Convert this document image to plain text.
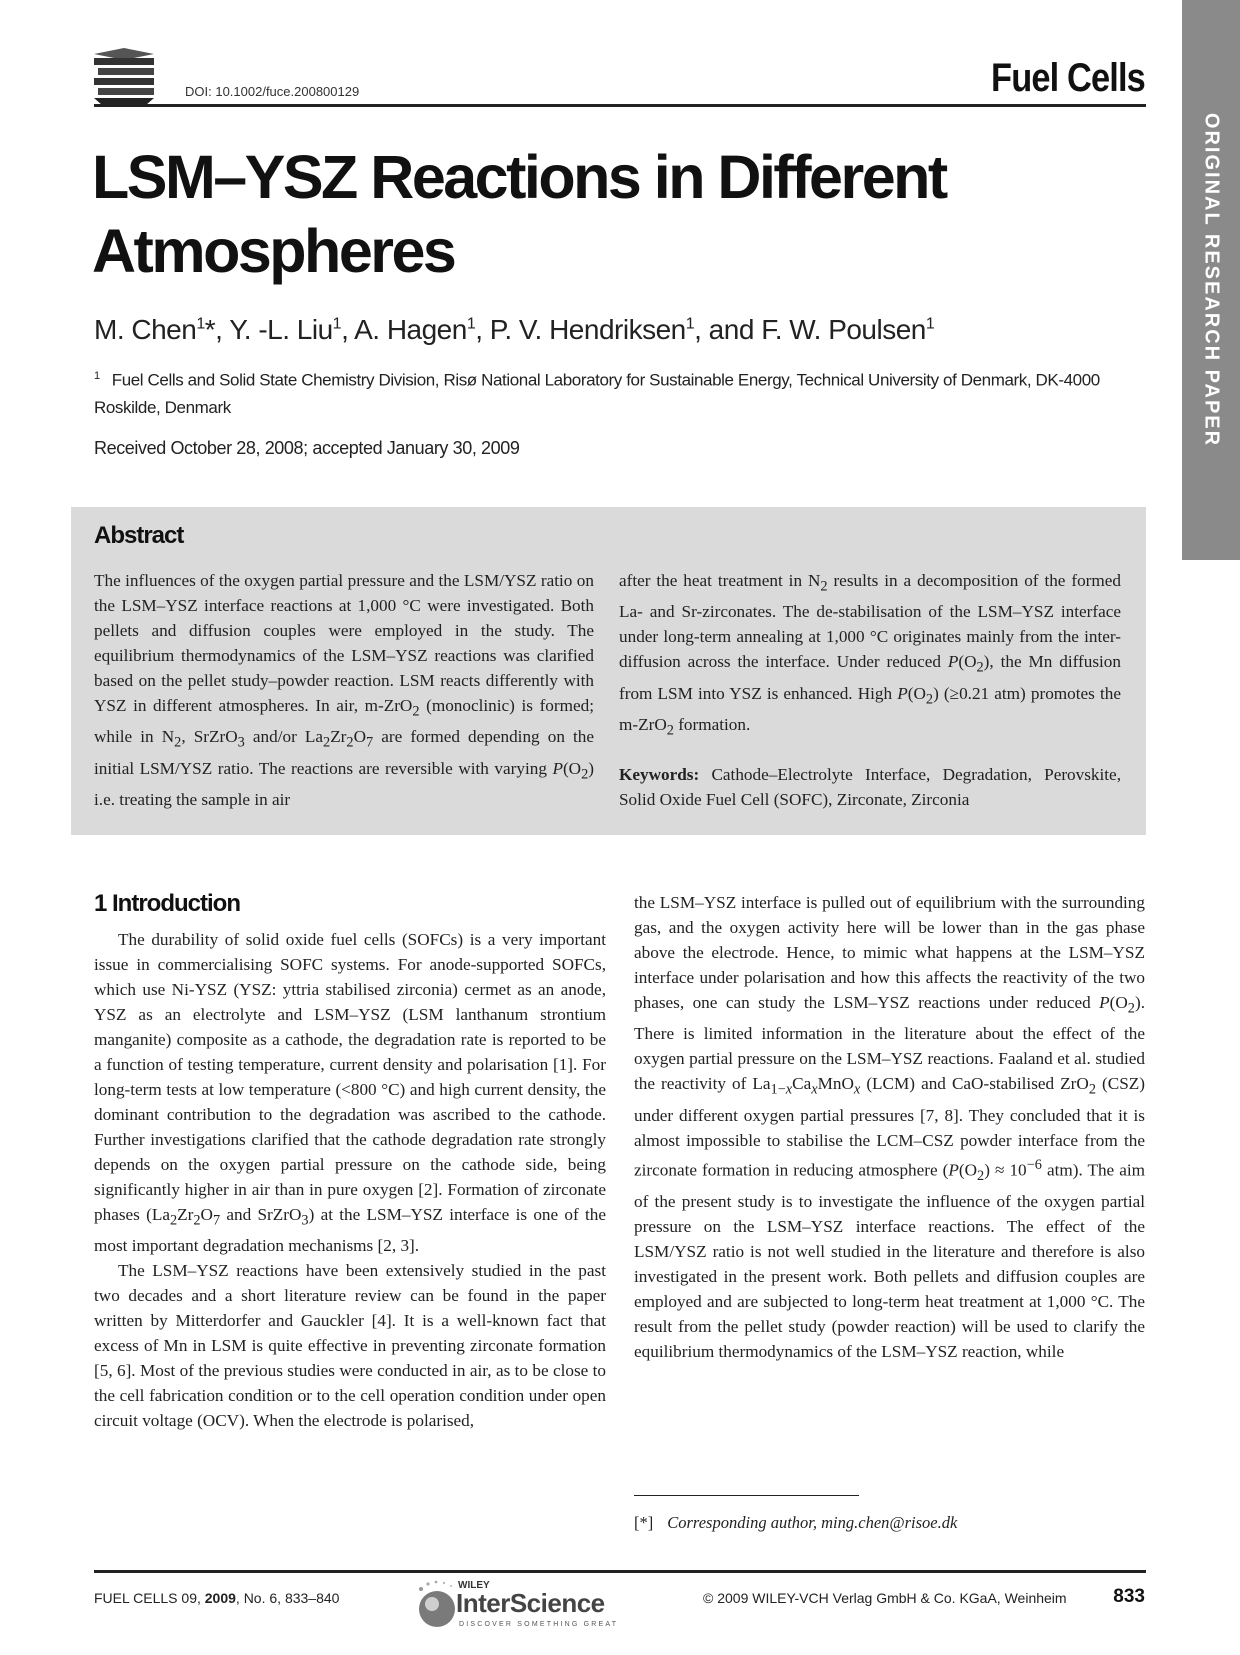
DOI: 10.1002/fuce.200800129	Fuel Cells
ORIGINAL RESEARCH PAPER
LSM–YSZ Reactions in Different Atmospheres
M. Chen$^1$*, Y. -L. Liu$^1$, A. Hagen$^1$, P. V. Hendriksen$^1$, and F. W. Poulsen$^1$
$^1$ Fuel Cells and Solid State Chemistry Division, Risø National Laboratory for Sustainable Energy, Technical University of Denmark, DK-4000 Roskilde, Denmark
Received October 28, 2008; accepted January 30, 2009
Abstract
The influences of the oxygen partial pressure and the LSM/YSZ ratio on the LSM–YSZ interface reactions at 1,000 °C were investigated. Both pellets and diffusion couples were employed in the study. The equilibrium thermodynamics of the LSM–YSZ reactions was clarified based on the pellet study–powder reaction. LSM reacts differently with YSZ in different atmospheres. In air, m-ZrO$_2$ (monoclinic) is formed; while in $N_2$, SrZrO$_3$ and/or $La_2Zr_2O_7$ are formed depending on the initial LSM/YSZ ratio. The reactions are reversible with varying $P(O_2)$ i.e. treating the sample in air
after the heat treatment in $N_2$ results in a decomposition of the formed La- and Sr-zirconates. The de-stabilisation of the LSM–YSZ interface under long-term annealing at 1,000 °C originates mainly from the inter-diffusion across the interface. Under reduced $P(O_2)$, the Mn diffusion from LSM into YSZ is enhanced. High $P(O_2)$ (≥0.21 atm) promotes the m-ZrO$_2$ formation.
Keywords: Cathode–Electrolyte Interface, Degradation, Perovskite, Solid Oxide Fuel Cell (SOFC), Zirconate, Zirconia
1 Introduction

The durability of solid oxide fuel cells (SOFCs) is a very important issue in commercialising SOFC systems. For anode-supported SOFCs, which use Ni-YSZ (YSZ: yttria stabilised zirconia) cermet as an anode, YSZ as an electrolyte and LSM–YSZ (LSM lanthanum strontium manganite) composite as a cathode, the degradation rate is reported to be a function of testing temperature, current density and polarisation [1]. For long-term tests at low temperature (<800 °C) and high current density, the dominant contribution to the degradation was ascribed to the cathode. Further investigations clarified that the cathode degradation rate strongly depends on the oxygen partial pressure on the cathode side, being significantly higher in air than in pure oxygen [2]. Formation of zirconate phases ($La_2Zr_2O_7$ and SrZrO$_3$) at the LSM–YSZ interface is one of the most important degradation mechanisms [2, 3].

The LSM–YSZ reactions have been extensively studied in the past two decades and a short literature review can be found in the paper written by Mitterdorfer and Gauckler [4]. It is a well-known fact that excess of Mn in LSM is quite effective in preventing zirconate formation [5, 6]. Most of the previous studies were conducted in air, as to be close to the cell fabrication condition or to the cell operation condition under open circuit voltage (OCV). When the electrode is polarised,

the LSM–YSZ interface is pulled out of equilibrium with the surrounding gas, and the oxygen activity here will be lower than in the gas phase above the electrode. Hence, to mimic what happens at the LSM–YSZ interface under polarisation and how this affects the reactivity of the two phases, one can study the LSM–YSZ reactions under reduced $P(O_2)$. There is limited information in the literature about the effect of the oxygen partial pressure on the LSM–YSZ reactions. Faaland et al. studied the reactivity of $La_{1-x}Ca_xMnO_x$ (LCM) and CaO-stabilised ZrO$_2$ (CSZ) under different oxygen partial pressures [7, 8]. They concluded that it is almost impossible to stabilise the LCM–CSZ powder interface from the zirconate formation in reducing atmosphere ($P(O_2) \approx 10^{-6}$ atm). The aim of the present study is to investigate the influence of the oxygen partial pressure on the LSM–YSZ interface reactions. The effect of the LSM/YSZ ratio is not well studied in the literature and therefore is also investigated in the present work. Both pellets and diffusion couples are employed and are subjected to long-term heat treatment at 1,000 °C. The result from the pellet study (powder reaction) will be used to clarify the equilibrium thermodynamics of the LSM–YSZ reaction, while

[*] Corresponding author, ming.chen@risoe.dk
FUEL CELLS 09, 2009, No. 6, 833–840
WILEY
InterScience
DISCOVER SOMETHING GREAT
© 2009 WILEY-VCH Verlag GmbH & Co. KGaA, Weinheim 833
